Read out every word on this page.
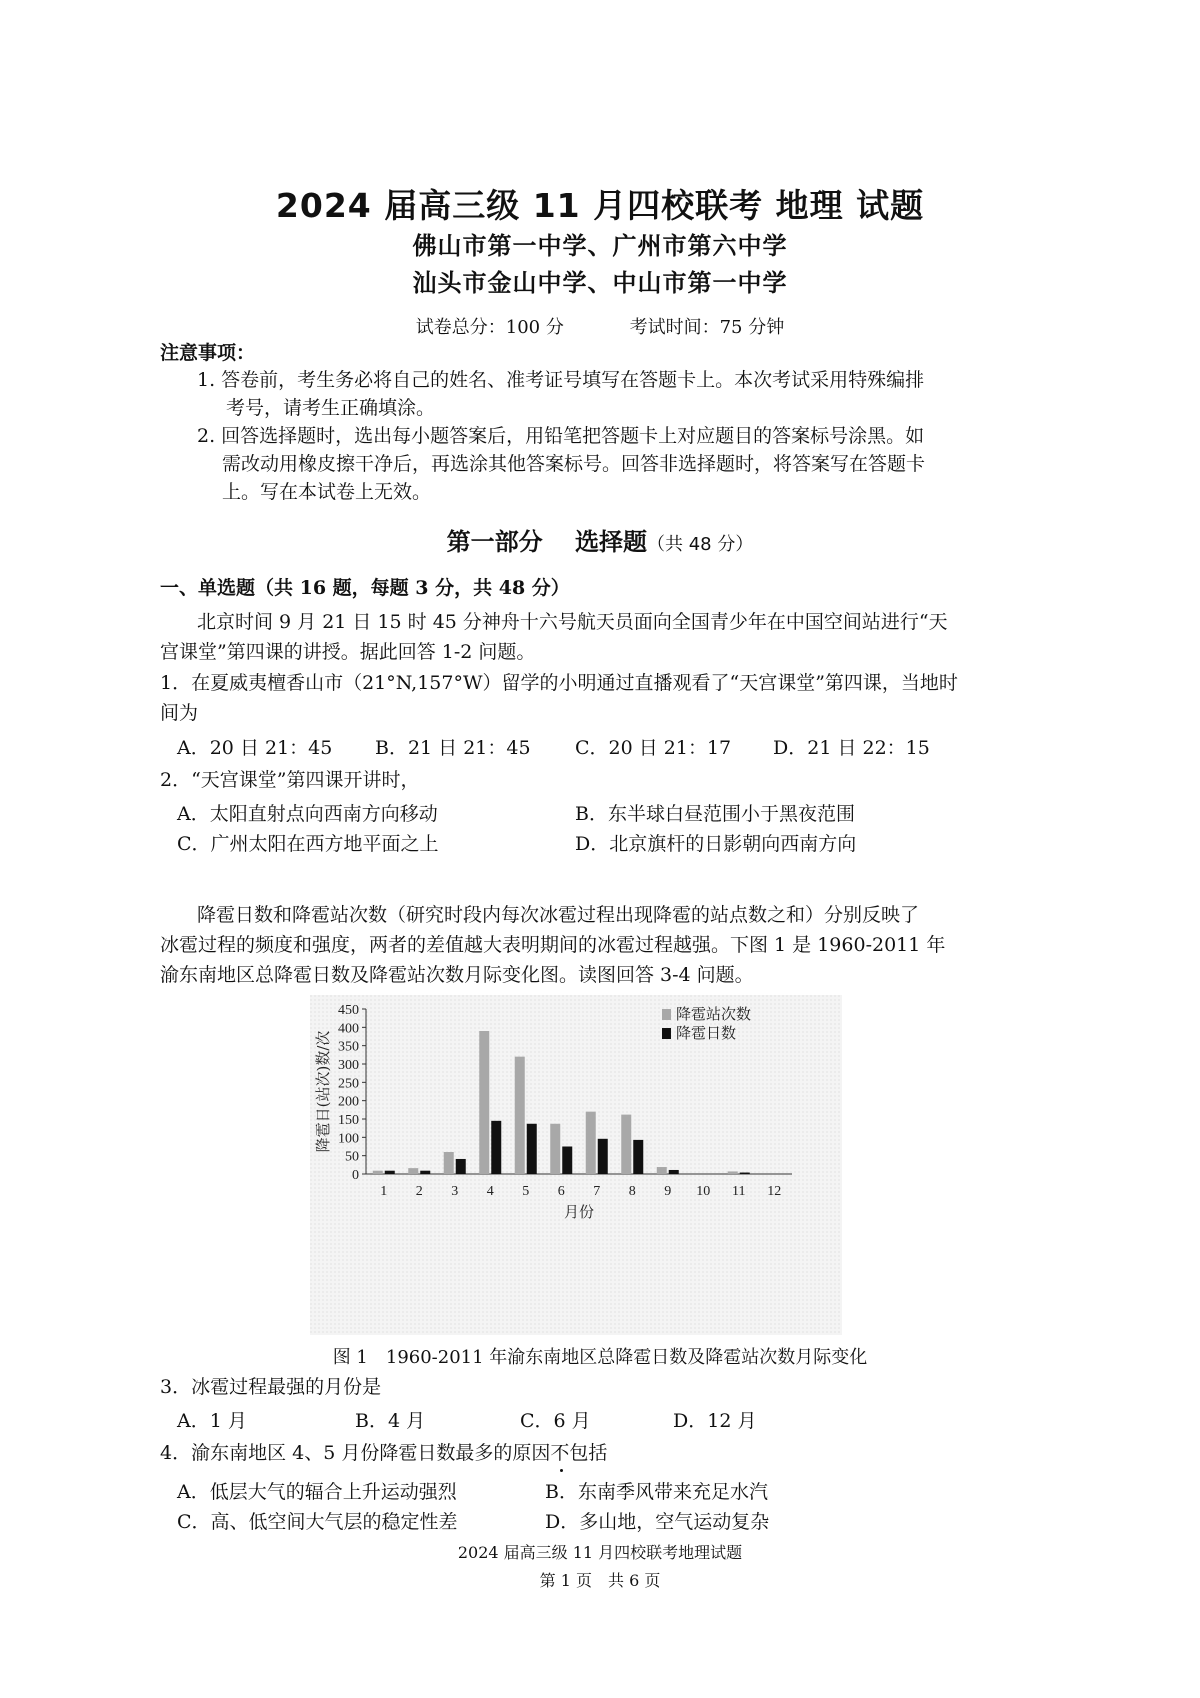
2024 届高三级 11 月四校联考 地理 试题
佛山市第一中学、广州市第六中学
汕头市金山中学、中山市第一中学
试卷总分：100 分	考试时间：75 分钟
注意事项：
1. 答卷前，考生务必将自己的姓名、准考证号填写在答题卡上。本次考试采用特殊编排
考号，请考生正确填涂。
2. 回答选择题时，选出每小题答案后，用铅笔把答题卡上对应题目的答案标号涂黑。如
需改动用橡皮擦干净后，再选涂其他答案标号。回答非选择题时，将答案写在答题卡
上。写在本试卷上无效。
第一部分　 选择题（共 48 分）
一、单选题（共 16 题，每题 3 分，共 48 分）
北京时间 9 月 21 日 15 时 45 分神舟十六号航天员面向全国青少年在中国空间站进行“天
宫课堂”第四课的讲授。据此回答 1-2 问题。
1．在夏威夷檀香山市（21°N,157°W）留学的小明通过直播观看了“天宫课堂”第四课，当地时
间为
A．20 日 21：45 B．21 日 21：45 C．20 日 21：17 D．21 日 22：15
2．“天宫课堂”第四课开讲时，
A．太阳直射点向西南方向移动	B．东半球白昼范围小于黑夜范围
C．广州太阳在西方地平面之上	D．北京旗杆的日影朝向西南方向
降雹日数和降雹站次数（研究时段内每次冰雹过程出现降雹的站点数之和）分别反映了
冰雹过程的频度和强度，两者的差值越大表明期间的冰雹过程越强。下图 1 是 1960-2011 年
渝东南地区总降雹日数及降雹站次数月际变化图。读图回答 3-4 问题。
0
50
100
150
200
250
300
350
400
450
降雹日(站次)数/次
1 2 3 4 5 6 7 8 9 10 11 12
月份
降雹站次数
降雹日数
图 1　1960-2011 年渝东南地区总降雹日数及降雹站次数月际变化
3．冰雹过程最强的月份是
A．1 月	B．4 月	C．6 月	D．12 月
4．渝东南地区 4、5 月份降雹日数最多的原因不包括
A．低层大气的辐合上升运动强烈	B．东南季风带来充足水汽
C．高、低空间大气层的稳定性差	D．多山地，空气运动复杂
2024 届高三级 11 月四校联考地理试题
第 1 页　共 6 页
